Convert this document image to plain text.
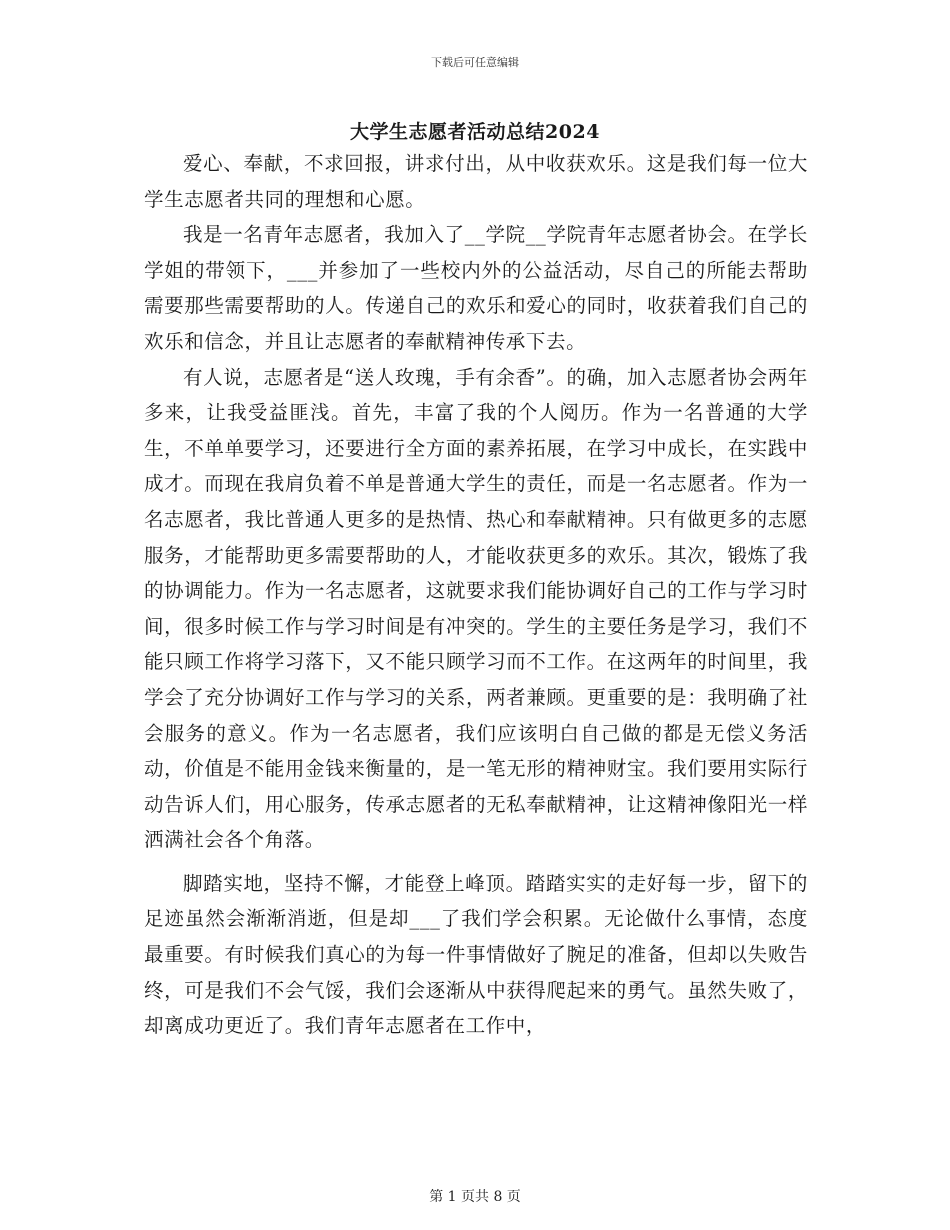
下载后可任意编辑
大学生志愿者活动总结2024

爱心、奉献，不求回报，讲求付出，从中收获欢乐。这是我们每一位大学生志愿者共同的理想和心愿。

我是一名青年志愿者，我加入了__学院__学院青年志愿者协会。在学长学姐的带领下，___并参加了一些校内外的公益活动，尽自己的所能去帮助需要那些需要帮助的人。传递自己的欢乐和爱心的同时，收获着我们自己的欢乐和信念，并且让志愿者的奉献精神传承下去。

有人说，志愿者是“送人玫瑰，手有余香”。的确，加入志愿者协会两年多来，让我受益匪浅。首先，丰富了我的个人阅历。作为一名普通的大学生，不单单要学习，还要进行全方面的素养拓展，在学习中成长，在实践中成才。而现在我肩负着不单是普通大学生的责任，而是一名志愿者。作为一名志愿者，我比普通人更多的是热情、热心和奉献精神。只有做更多的志愿服务，才能帮助更多需要帮助的人，才能收获更多的欢乐。其次，锻炼了我的协调能力。作为一名志愿者，这就要求我们能协调好自己的工作与学习时间，很多时候工作与学习时间是有冲突的。学生的主要任务是学习，我们不能只顾工作将学习落下，又不能只顾学习而不工作。在这两年的时间里，我学会了充分协调好工作与学习的关系，两者兼顾。更重要的是：我明确了社会服务的意义。作为一名志愿者，我们应该明白自己做的都是无偿义务活动，价值是不能用金钱来衡量的，是一笔无形的精神财宝。我们要用实际行动告诉人们，用心服务，传承志愿者的无私奉献精神，让这精神像阳光一样洒满社会各个角落。

脚踏实地，坚持不懈，才能登上峰顶。踏踏实实的走好每一步，留下的足迹虽然会渐渐消逝，但是却___了我们学会积累。无论做什么事情，态度最重要。有时候我们真心的为每一件事情做好了腕足的准备，但却以失败告终，可是我们不会气馁，我们会逐渐从中获得爬起来的勇气。虽然失败了，却离成功更近了。我们青年志愿者在工作中，

第 1 页共 8 页
